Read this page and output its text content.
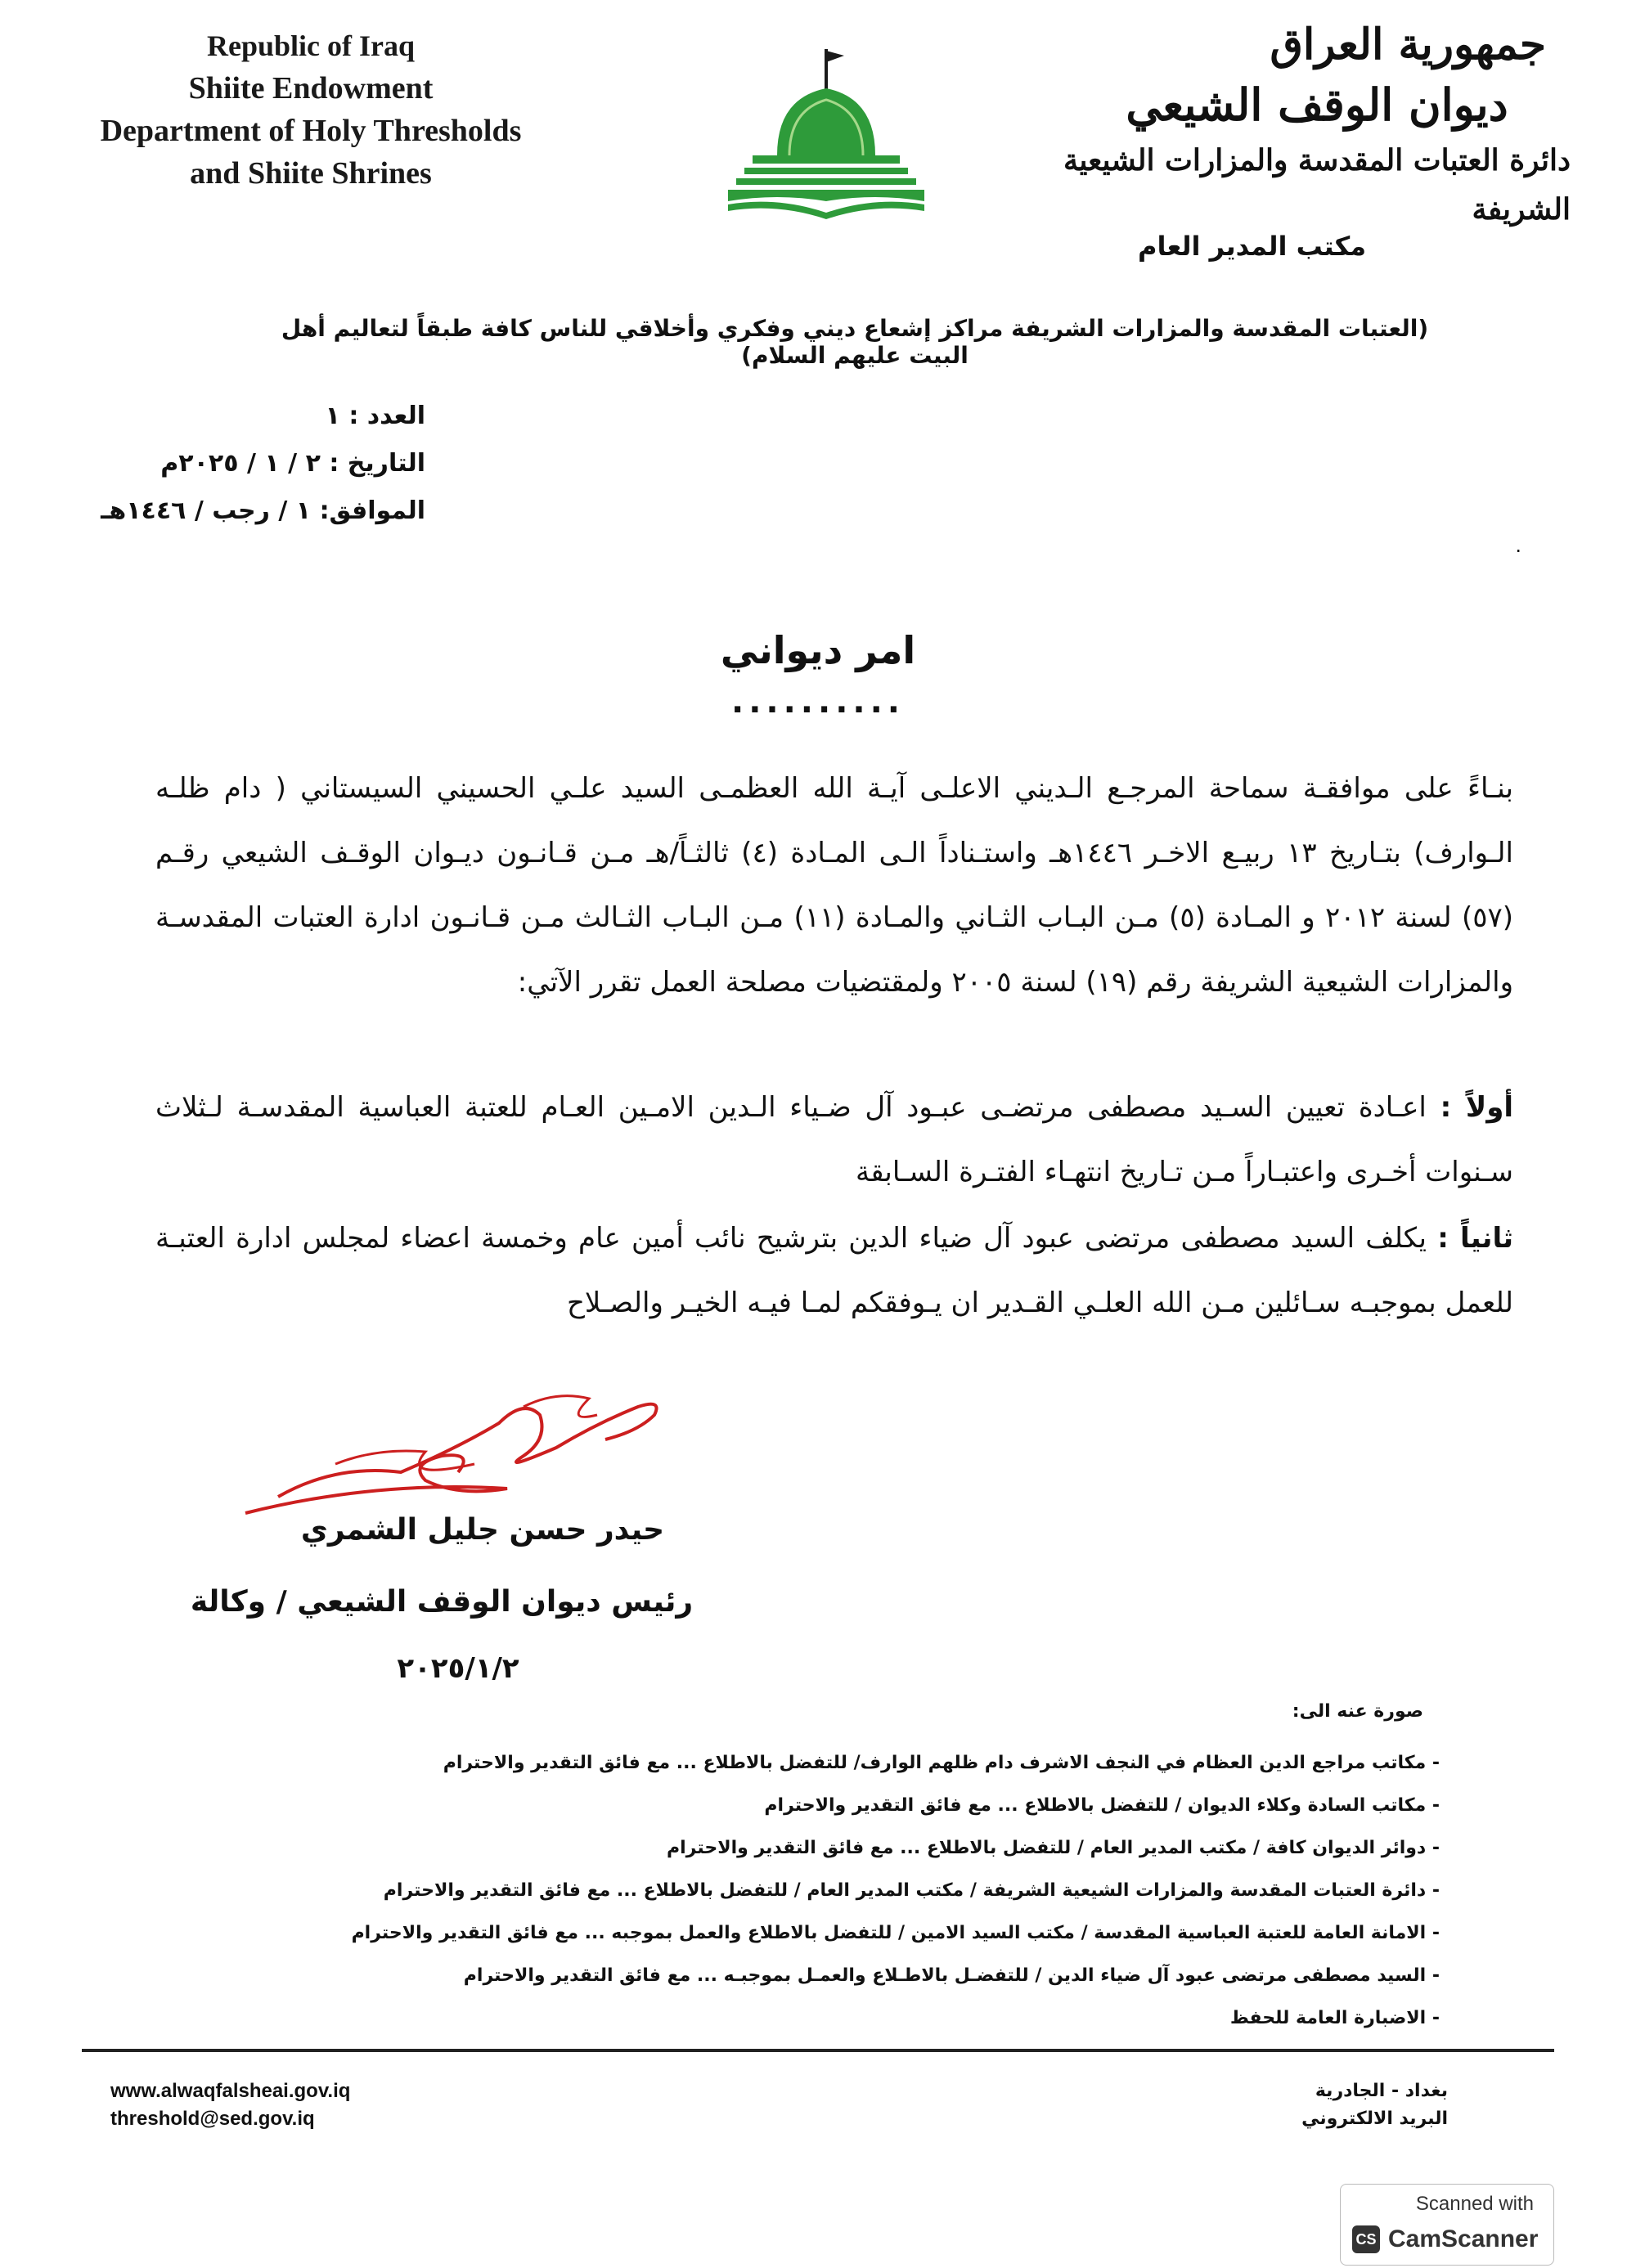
Republic of Iraq
Shiite Endowment
Department of Holy Thresholds
and Shiite Shrines
جمهورية العراق
ديوان الوقف الشيعي
دائرة العتبات المقدسة والمزارات الشيعية الشريفة
مكتب المدير العام
(العتبات المقدسة والمزارات الشريفة مراكز إشعاع ديني وفكري وأخلاقي للناس كافة طبقاً لتعاليم أهل البيت عليهم السلام)
العدد : ١
التاريخ : ٢ / ١ / ٢٠٢٥م
الموافق: ١ / رجب / ١٤٤٦هـ
·
امر ديواني
..........
بنـاءً على موافقـة سماحة المرجـع الـديني الاعلـى آيـة الله العظمـى السيد علـي الحسيني السيستاني ( دام ظلـه الـوارف) بتـاريخ ١٣ ربيـع الاخـر ١٤٤٦هـ واستـناداً الـى المـادة (٤) ثالثـاً/هـ مـن قـانـون ديـوان الوقـف الشيعي رقـم (٥٧) لسنة ٢٠١٢ و المـادة (٥) مـن البـاب الثـاني والمـادة (١١) مـن البـاب الثـالث مـن قـانـون ادارة العتبات المقدسـة والمزارات الشيعية الشريفة رقم (١٩) لسنة ٢٠٠٥ ولمقتضيات مصلحة العمل تقرر الآتي:
أولاً : اعـادة تعيين السـيد مصطفى مرتضـى عبـود آل ضـياء الـدين الامـين العـام للعتبة العباسية المقدسـة لـثلاث سـنوات أخـرى واعتبـاراً مـن تـاريخ انتهـاء الفتـرة السـابقة
ثانياً : يكلف السيد مصطفى مرتضى عبود آل ضياء الدين بترشيح نائب أمين عام وخمسة اعضاء لمجلس ادارة العتبـة للعمل بموجبـه سـائلين مـن الله العلـي القـدير ان يـوفقكم لمـا فيـه الخيـر والصـلاح
حيدر حسن جليل الشمري
رئيس ديوان الوقف الشيعي / وكالة
٢٠٢٥/١/٢
صورة عنه الى:
- مكاتب مراجع الدين العظام في النجف الاشرف دام ظلهم الوارف/ للتفضل بالاطلاع ... مع فائق التقدير والاحترام
- مكاتب السادة وكلاء الديوان / للتفضل بالاطلاع ... مع فائق التقدير والاحترام
- دوائر الديوان كافة / مكتب المدير العام / للتفضل بالاطلاع ... مع فائق التقدير والاحترام
- دائرة العتبات المقدسة والمزارات الشيعية الشريفة / مكتب المدير العام / للتفضل بالاطلاع ... مع فائق التقدير والاحترام
- الامانة العامة للعتبة العباسية المقدسة / مكتب السيد الامين / للتفضل بالاطلاع والعمل بموجبه ... مع فائق التقدير والاحترام
- السيد مصطفى مرتضى عبود آل ضياء الدين / للتفضـل بالاطـلاع والعمـل بموجبـه ... مع فائق التقدير والاحترام
- الاضبارة العامة للحفظ
www.alwaqfalsheai.gov.iq
threshold@sed.gov.iq
بغداد - الجادرية
البريد الالكتروني
Scanned with
CS CamScanner
